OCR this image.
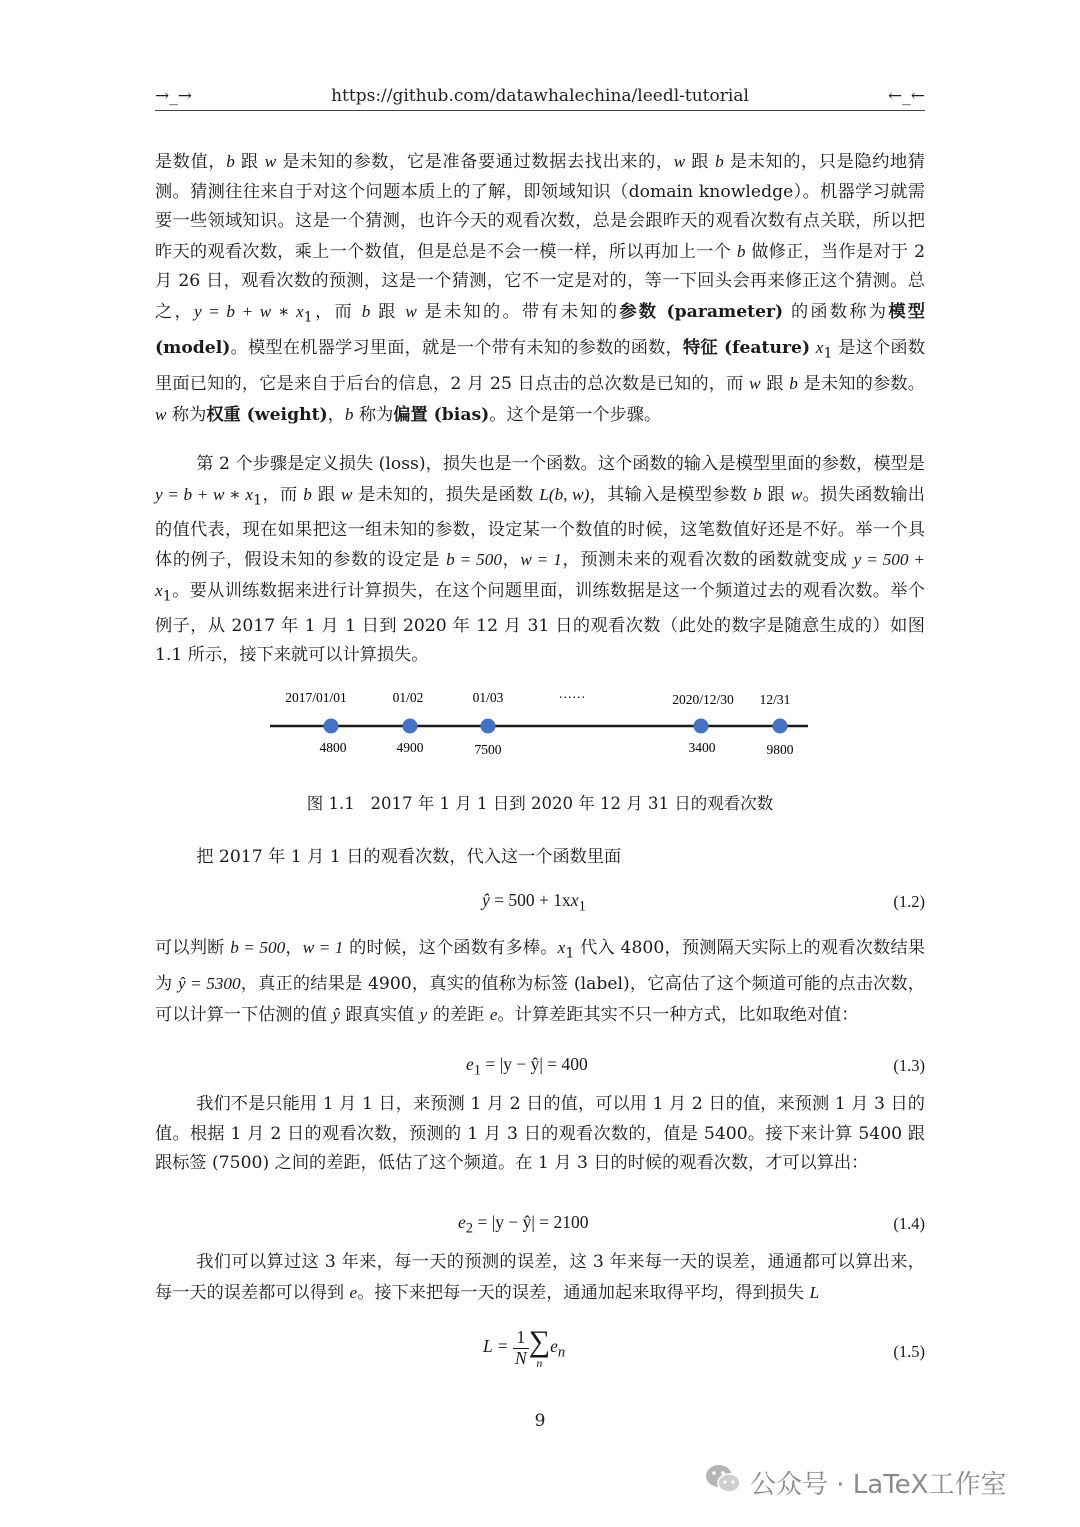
→_→	https://github.com/datawhalechina/leedl-tutorial	←_←

是数值，b 跟 w 是未知的参数，它是准备要通过数据去找出来的，w 跟 b 是未知的，只是隐约地猜测。猜测往往来自于对这个问题本质上的了解，即领域知识（domain knowledge）。机器学习就需要一些领域知识。这是一个猜测，也许今天的观看次数，总是会跟昨天的观看次数有点关联，所以把昨天的观看次数，乘上一个数值，但是总是不会一模一样，所以再加上一个 b 做修正，当作是对于 2 月 26 日，观看次数的预测，这是一个猜测，它不一定是对的，等一下回头会再来修正这个猜测。总之，y = b + w ∗ $x_1$，而 b 跟 w 是未知的。带有未知的参数 (parameter) 的函数称为模型 (model)。模型在机器学习里面，就是一个带有未知的参数的函数，特征 (feature) $x_1$ 是这个函数里面已知的，它是来自于后台的信息，2 月 25 日点击的总次数是已知的，而 w 跟 b 是未知的参数。w 称为权重 (weight)，b 称为偏置 (bias)。这个是第一个步骤。

第 2 个步骤是定义损失 (loss)，损失也是一个函数。这个函数的输入是模型里面的参数，模型是 y = b + w ∗ $x_1$，而 b 跟 w 是未知的，损失是函数 L(b, w)，其输入是模型参数 b 跟 w。损失函数输出的值代表，现在如果把这一组未知的参数，设定某一个数值的时候，这笔数值好还是不好。举一个具体的例子，假设未知的参数的设定是 b = 500，w = 1，预测未来的观看次数的函数就变成 $y = 500 + x_1$。要从训练数据来进行计算损失，在这个问题里面，训练数据是这一个频道过去的观看次数。举个例子，从 2017 年 1 月 1 日到 2020 年 12 月 31 日的观看次数（此处的数字是随意生成的）如图 1.1 所示，接下来就可以计算损失。

2017/01/01	01/02	01/03	······	2020/12/30 12/31
4800	4900	7500	3400	9800
图 1.1 2017 年 1 月 1 日到 2020 年 12 月 31 日的观看次数

把 2017 年 1 月 1 日的观看次数，代入这一个函数里面

ŷ = $500 + 1xx_1$	(1.2)

可以判断 b = 500，w = 1 的时候，这个函数有多棒。$x_1$ 代入 4800，预测隔天实际上的观看次数结果为 ŷ = 5300，真正的结果是 4900，真实的值称为标签 (label)，它高估了这个频道可能的点击次数，可以计算一下估测的值 ŷ 跟真实值 y 的差距 e。计算差距其实不只一种方式，比如取绝对值：

$e_1 = |y$ − ŷ| = 400	(1.3)

我们不是只能用 1 月 1 日，来预测 1 月 2 日的值，可以用 1 月 2 日的值，来预测 1 月 3 日的值。根据 1 月 2 日的观看次数，预测的 1 月 3 日的观看次数的，值是 5400。接下来计算 5400 跟跟标签 (7500) 之间的差距，低估了这个频道。在 1 月 3 日的时候的观看次数，才可以算出：

$e_2 = |y$ − ŷ| = 2100	(1.4)

我们可以算过这 3 年来，每一天的预测的误差，这 3 年来每一天的误差，通通都可以算出来，每一天的误差都可以得到 e。接下来把每一天的误差，通通加起来取得平均，得到损失 L

$L = \frac{1}{N}$ ∑
n
$e_n$	(1.5)
9
公众号 · LaTeX工作室
